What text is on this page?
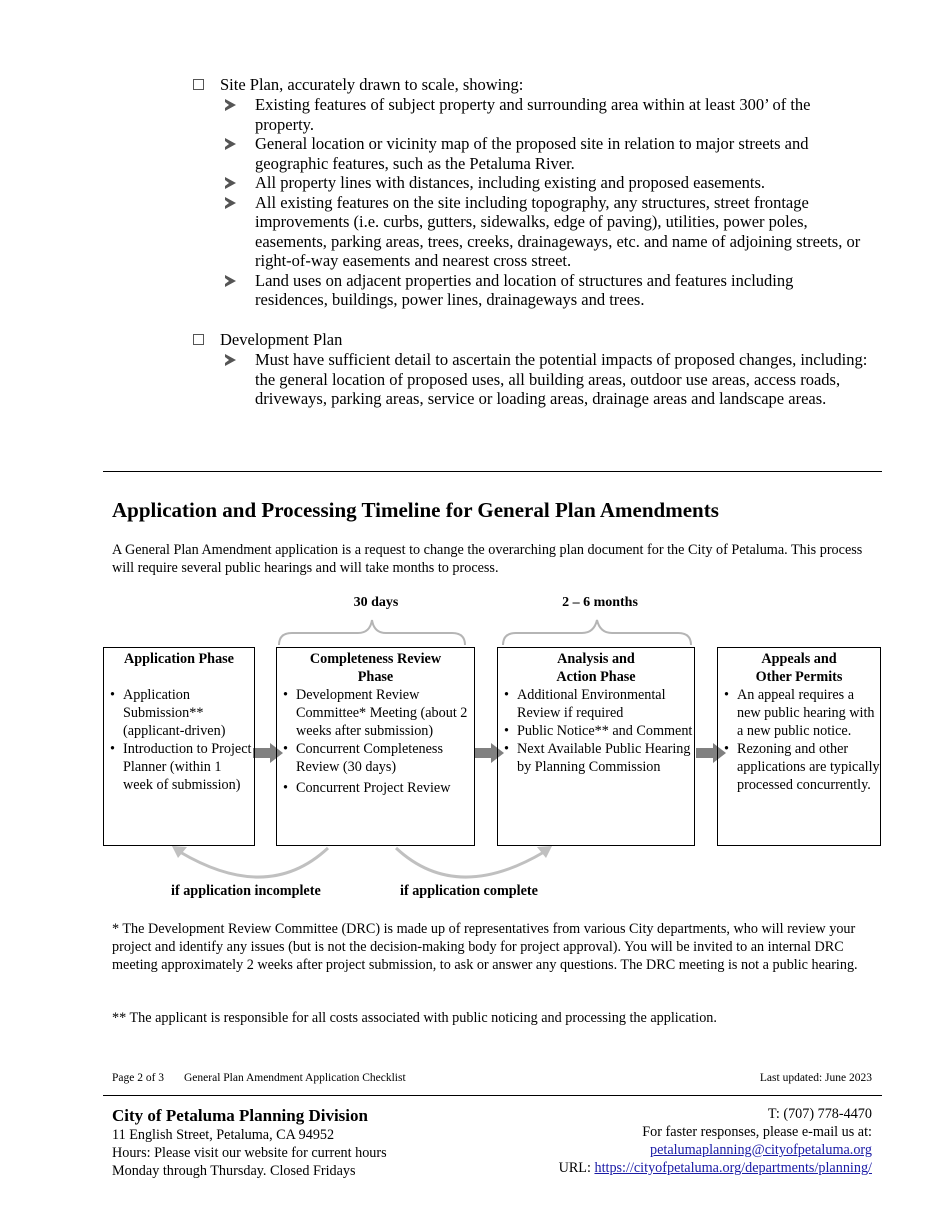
Site Plan, accurately drawn to scale, showing:
Existing features of subject property and surrounding area within at least 300’ of the property.
General location or vicinity map of the proposed site in relation to major streets and geographic features, such as the Petaluma River.
All property lines with distances, including existing and proposed easements.
All existing features on the site including topography, any structures, street frontage improvements (i.e. curbs, gutters, sidewalks, edge of paving), utilities, power poles, easements, parking areas, trees, creeks, drainageways, etc. and name of adjoining streets, or right-of-way easements and nearest cross street.
Land uses on adjacent properties and location of structures and features including residences, buildings, power lines, drainageways and trees.
Development Plan
Must have sufficient detail to ascertain the potential impacts of proposed changes, including: the general location of proposed uses, all building areas, outdoor use areas, access roads, driveways, parking areas, service or loading areas, drainage areas and landscape areas.
Application and Processing Timeline for General Plan Amendments
A General Plan Amendment application is a request to change the overarching plan document for the City of Petaluma. This process will require several public hearings and will take months to process.
30 days	2 – 6 months
Application Phase
• Application Submission** (applicant-driven)
• Introduction to Project Planner (within 1 week of submission)
Completeness Review Phase
• Development Review Committee* Meeting (about 2 weeks after submission)
• Concurrent Completeness Review (30 days)
• Concurrent Project Review
Analysis and Action Phase
• Additional Environmental Review if required
• Public Notice** and Comment
• Next Available Public Hearing by Planning Commission
Appeals and Other Permits
• An appeal requires a new public hearing with a new public notice.
• Rezoning and other applications are typically processed concurrently.
if application incomplete	if application complete
* The Development Review Committee (DRC) is made up of representatives from various City departments, who will review your project and identify any issues (but is not the decision-making body for project approval). You will be invited to an internal DRC meeting approximately 2 weeks after project submission, to ask or answer any questions. The DRC meeting is not a public hearing.
** The applicant is responsible for all costs associated with public noticing and processing the application.
Page 2 of 3 General Plan Amendment Application Checklist	Last updated: June 2023
City of Petaluma Planning Division
11 English Street, Petaluma, CA 94952
Hours: Please visit our website for current hours
Monday through Thursday. Closed Fridays
T: (707) 778-4470
For faster responses, please e-mail us at:
petalumaplanning@cityofpetaluma.org
URL: https://cityofpetaluma.org/departments/planning/
